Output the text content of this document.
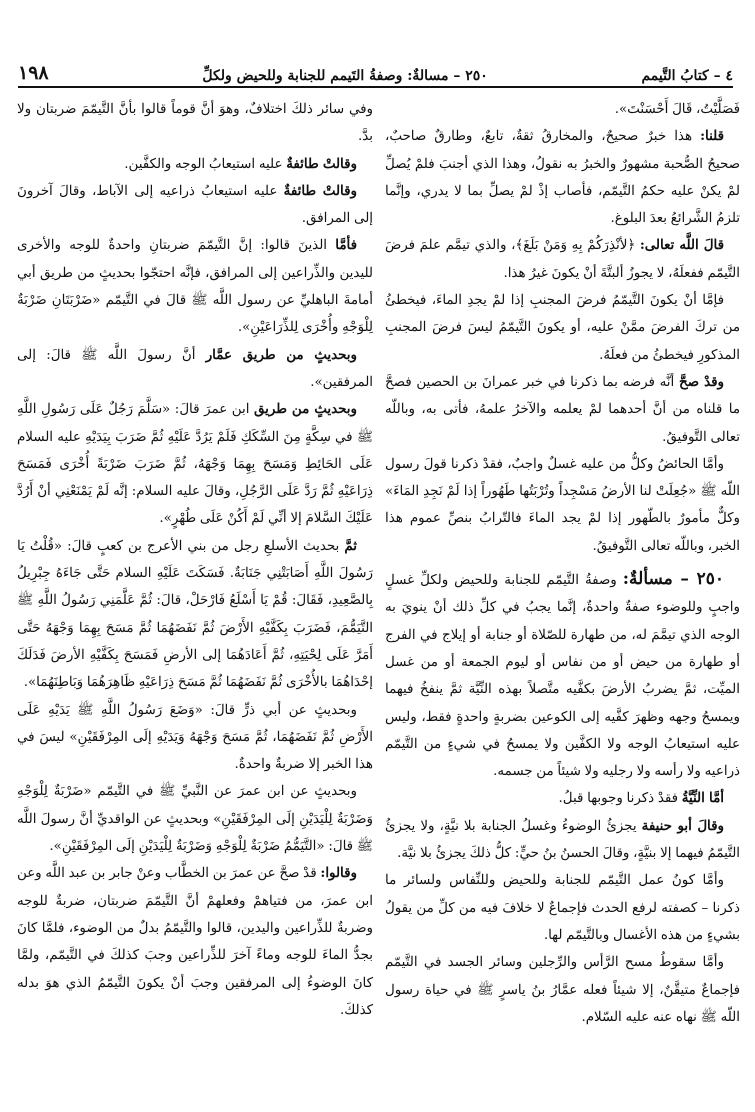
٤ – كتابُ التَّيمم
٢٥٠ – مسالةٌ: وصفةُ التَيمم للجنابة وللحيض ولكلِّ
١٩٨

فَصَلَّيْتُ، قَالَ أَحْسَنْتَ».

قلنا: هذا خبرٌ صحيحٌ، والمخارقُ ثقةٌ، تابعٌ، وطارقٌ صاحبٌ، صحيحُ الصُّحبة مشهورٌ والخبرُ به نقولُ، وهذا الذي أجنبَ فلمْ يُصلِّ لمْ يكنْ عليه حكمُ التَّيمّم، فأصاب إذْ لمْ يصلِّ بما لا يدري، وإنَّما تلزمُ الشَّرائعُ بعدَ البلوغ.

قالَ اللَّه تعالى: ﴿لأنْذِرَكُمْ بِهِ وَمَنْ بَلَغَ﴾، والذي تيمَّم علمَ فرضَ التَّيمّم ففعلَهُ، لا يجوزُ ألبتَّةَ أنْ يكونَ غيرُ هذا.

فإمَّا أنْ يكونَ التَّيمّمُ فرضَ المجنبِ إذا لمْ يجدِ الماءَ، فيخطئُ من تركَ الفرضَ ممَّنْ عليه، أو يكونَ التَّيمّمُ ليسَ فرضَ المجنبِ المذكورِ فيخطئُ من فعلَهُ.

وقدْ صحَّ أنَّه فرضه بما ذكرنا في خبر عمرانَ بن الحصين فصحَّ ما قلناه من أنَّ أحدهما لمْ يعلمه والآخرُ علمهُ، فأتى به، وباللّه تعالى التَّوفيقُ.

وأمَّا الحائضُ وكلُّ من عليه غسلٌ واجبٌ، فقدْ ذكرنا قولَ رسول اللّه ﷺ «جُعِلَتْ لنا الأرضُ مَسْجِداً وتُرْبَتُها طَهُوراً إذا لَمْ نَجِدِ المَاءَ» وكلٌّ مأمورٌ بالطّهور إذا لمْ يجد الماءَ فالتّرابُ بنصِّ عموم هذا الخبر، وباللّه تعالى التَّوفيقُ.

٢٥٠ – مسألةٌ: وصفةُ التَّيمّم للجنابة وللحيض ولكلِّ غسلٍ واجبٍ وللوضوء صفةٌ واحدةٌ، إنَّما يجبُ في كلِّ ذلك أنْ ينويَ به الوجه الذي تيمَّمَ له، من طهارة للصّلاة أو جنابة أو إيلاج في الفرج أو طهارة من حيض أو من نفاس أو ليوم الجمعة أو من غسل الميِّت، ثمَّ يضربُ الأرضَ بكفَّيه متَّصلاً بهذه النِّيَّة ثمَّ ينفخُ فيهما ويمسحُ وجهه وظهرَ كفَّيه إلى الكوعين بضربةٍ واحدةٍ فقط، وليس عليه استيعابُ الوجه ولا الكفَّين ولا يمسحُ في شيءٍ من التَّيمّم ذراعيه ولا رأسه ولا رجليه ولا شيئاً من جسمه.

أمَّا النِّيَّةُ فقدْ ذكرنا وجوبها قبلُ.

وقالَ أبو حنيفة يجزئُ الوضوءُ وغسلُ الجنابة بلا نيَّةٍ، ولا يجزئُ التَّيمّمُ فيهما إلا بنيَّةٍ، وقالَ الحسنُ بنُ حيٍّ: كلُّ ذلكَ يجزئُ بلا نيَّة.

وأمَّا كونُ عمل التَّيمّم للجنابة وللحيض وللنِّفاس ولسائر ما ذكرنا – كصفته لرفع الحدث فإجماعٌ لا خلافَ فيه من كلِّ من يقولُ بشيءٍ من هذه الأغسال وبالتَّيمّم لها.

وأمَّا سقوطُ مسح الرَّأس والرِّجلين وسائر الجسد في التَّيمّم فإجماعٌ متيقَّنٌ، إلا شيئاً فعله عمَّارُ بنُ ياسرٍ ﷺ في حياة رسول اللّه ﷺ نهاه عنه عليه السّلام.

وفي سائر ذلكَ اختلافٌ، وهوَ أنَّ قوماً قالوا بأنَّ التَّيمّمَ ضربتان ولا بدَّ.

وقالتْ طائفةٌ عليه استيعابُ الوجه والكفَّين.

وقالتْ طائفةٌ عليه استيعابُ ذراعيه إلى الآباط، وقالَ آخرونَ إلى المرافق.

فأمَّا الذينَ قالوا: إنَّ التَّيمّمَ ضربتانِ واحدةٌ للوجه والأخرى لليدين والذِّراعين إلى المرافق، فإنَّه احتجّوا بحديثٍ من طريق أبي أمامةَ الباهليِّ عن رسول اللَّه ﷺ قالَ في التَّيمّم «ضَرْبَتَانِ ضَرْبَةٌ لِلْوَجْهِ وأُخْرَى لِلذِّرَاعَيْنِ».

وبحديثٍ من طريق عمَّار أنَّ رسولَ اللَّه ﷺ قالَ: إلى المرفقين».

وبحديثٍ من طريق ابن عمرَ قالَ: «سَلَّمَ رَجُلٌ عَلَى رَسُولِ اللَّهِ ﷺ في سِكَّةٍ مِنَ السِّكَكِ فَلَمْ يَرُدَّ عَلَيْهِ ثُمَّ ضَرَبَ بِيَدَيْهِ عليه السلام عَلَى الحَائِطِ وَمَسَحَ بِهِمَا وَجْهَهُ، ثُمَّ ضَرَبَ ضَرْبَةً أُخْرَى فَمَسَحَ ذِرَاعَيْهِ ثُمَّ رَدَّ عَلَى الرَّجُلِ، وقالَ عليه السلام: إنَّه لَمْ يَمْنَعْنِي أنْ أَرُدَّ عَلَيْكَ السَّلامَ إلا أنِّي لَمْ أَكُنْ عَلَى طُهْرٍ».

ثمَّ بحديث الأسلعِ رجل من بني الأعرج بن كعبٍ قالَ: «قُلْتُ يَا رَسُولَ اللَّهِ أَصَابَتْنِي جَنَابَةٌ. فَسَكَتَ عَلَيْهِ السلام حَتَّى جَاءَهُ جِبْرِيلُ بِالصَّعِيدِ، فَقَالَ: قُمْ يَا أَسْلَعُ فَارْحَلْ، قالَ: ثُمَّ عَلَّمَنِي رَسُولُ اللَّهِ ﷺ التَّيَمُّمَ، فَضَرَبَ بِكَفَّيْهِ الأَرْضَ ثُمَّ نَفَضَهُمَا ثُمَّ مَسَحَ بِهِمَا وَجْهَهُ حَتَّى أَمَرَّ عَلَى لِحْيَتِهِ، ثُمَّ أَعَادَهُمَا إلى الأرضِ فَمَسَحَ بِكَفَّيْهِ الأرضَ فَدَلَكَ إحْدَاهُمَا بالأُخْرَى ثُمَّ نَفَضَهُمَا ثُمَّ مَسَحَ ذِرَاعَيْهِ ظَاهِرَهُمَا وَبَاطِنَهُمَا».

وبحديثٍ عن أبي ذرٍّ قالَ: «وَضَعَ رَسُولُ اللَّهِ ﷺ يَدَيْهِ عَلَى الأَرْضِ ثُمَّ نَفَضَهُمَا، ثُمَّ مَسَحَ وَجْهَهُ وَيَدَيْهِ إلَى المِرْفَقَيْنِ» ليسَ في هذا الخبر إلا ضربةٌ واحدةٌ.

وبحديثٍ عن ابن عمرَ عن النَّبيِّ ﷺ في التَّيمّم «ضَرْبَةٌ لِلْوَجْهِ وَضَرْبَةٌ لِلْيَدَيْنِ إلَى المِرْفَقَيْنِ» وبحديثٍ عن الواقديِّ أنَّ رسولَ اللَّه ﷺ قالَ: «التَّيَمُّمُ ضَرْبَةٌ لِلْوَجْهِ وَضَرْبَةٌ لِلْيَدَيْنِ إلَى المِرْفَقَيْنِ».

وقالوا: قدْ صحَّ عن عمرَ بن الخطَّاب وعنْ جابر بن عبد اللَّه وعن ابن عمرَ، من فتياهمْ وفعلهمْ أنَّ التَّيمّمَ ضربتان، ضربةٌ للوجه وضربةٌ للذِّراعين واليدين، قالوا والتَّيمّمُ بدلٌ من الوضوء، فلمَّا كانَ بجدُّ الماءَ للوجه وماءً آخرَ للذِّراعين وجبَ كذلكَ في التَّيمّم، ولمَّا كانَ الوضوءُ إلى المرفقين وجبَ أنْ يكونَ التَّيمّمُ الذي هوَ بدله كذلكَ.
